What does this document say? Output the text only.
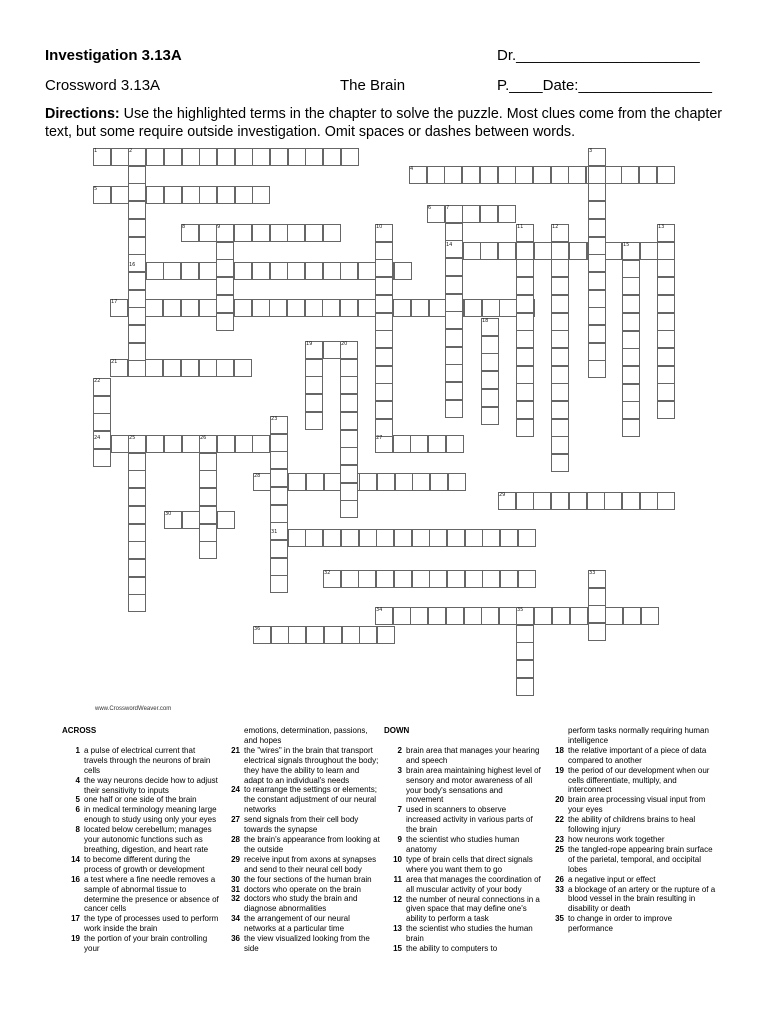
Investigation 3.13A	Dr.______________________
Crossword 3.13A	The Brain	P.____Date:________________
Directions: Use the highlighted terms in the chapter to solve the puzzle. Most clues come from the chapter text, but some require outside investigation. Omit spaces or dashes between words.
1	2	3
4
5
6	7
8	9	10	11	12	13
14	15
16
17
18
19	20
21
22
23
24	25	26	27
28
29
30
31
32	33
34	35
36
www.CrosswordWeaver.com
ACROSS
1 a pulse of electrical current that travels through the neurons of brain cells
4 the way neurons decide how to adjust their sensitivity to inputs
5 one half or one side of the brain
6 in medical terminology meaning large enough to study using only your eyes
8 located below cerebellum; manages your autonomic functions such as breathing, digestion, and heart rate
14 to become different during the process of growth or development
16 a test where a fine needle removes a sample of abnormal tissue to determine the presence or absence of cancer cells
17 the type of processes used to perform work inside the brain
19 the portion of your brain controlling your
emotions, determination, passions, and hopes
21 the "wires" in the brain that transport electrical signals throughout the body; they have the ability to learn and adapt to an individual's needs
24 to rearrange the settings or elements; the constant adjustment of our neural networks
27 send signals from their cell body towards the synapse
28 the brain's appearance from looking at the outside
29 receive input from axons at synapses and send to their neural cell body
30 the four sections of the human brain
31 doctors who operate on the brain
32 doctors who study the brain and diagnose abnormalities
34 the arrangement of our neural networks at a particular time
36 the view visualized looking from the side
DOWN
2 brain area that manages your hearing and speech
3 brain area maintaining highest level of sensory and motor awareness of all your body's sensations and movement
7 used in scanners to observe increased activity in various parts of the brain
9 the scientist who studies human anatomy
10 type of brain cells that direct signals where you want them to go
11 area that manages the coordination of all muscular activity of your body
12 the number of neural connections in a given space that may define one's ability to perform a task
13 the scientist who studies the human brain
15 the ability to computers to
perform tasks normally requiring human intelligence
18 the relative important of a piece of data compared to another
19 the period of our development when our cells differentiate, multiply, and interconnect
20 brain area processing visual input from your eyes
22 the ability of childrens brains to heal following injury
23 how neurons work together
25 the tangled-rope appearing brain surface of the parietal, temporal, and occipital lobes
26 a negative input or effect
33 a blockage of an artery or the rupture of a blood vessel in the brain resulting in disability or death
35 to change in order to improve performance
